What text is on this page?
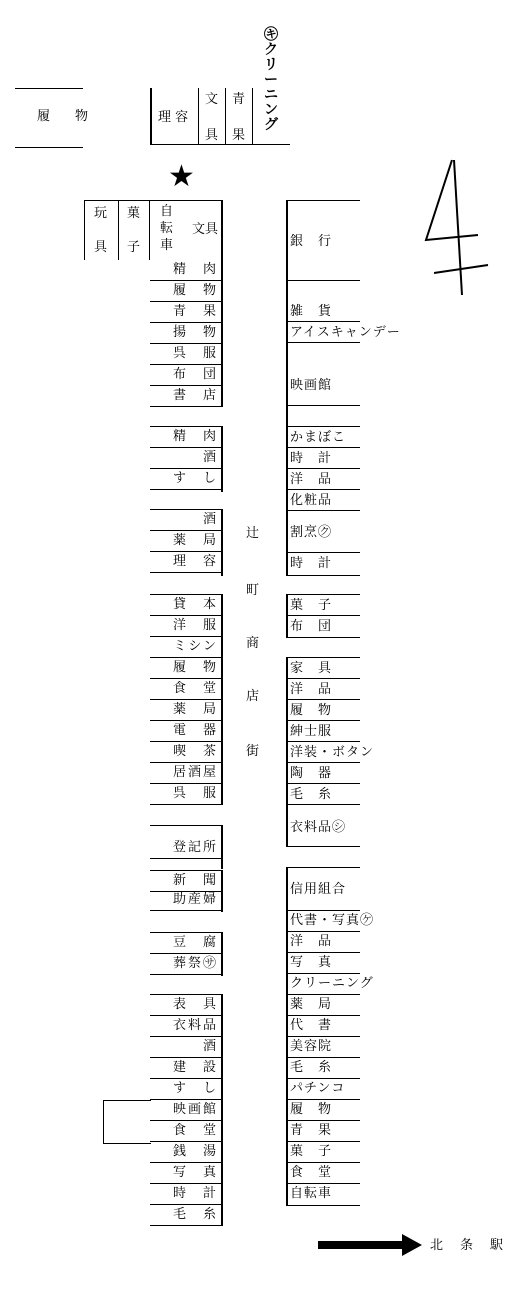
履　物	理 容
文
具
青
果
㋖クリーニング
★
玩
具
菓
子
自転車
文具
精　肉
履　物
青　果
揚　物
呉　服
布　団
書　店
精　肉
酒
す　し
酒
薬　局
理　容
貸　本
洋　服
ミシン
履　物
食　堂
薬　局
電　器
喫　茶
居酒屋
呉　服
登記所
新　聞
助産婦
豆　腐
葬祭㋚
表　具
衣料品
酒
建　設
す　し
映画館
食　堂
銭　湯
写　真
時　計
毛　糸
銀　行
雑　貨
アイスキャンデー
映画館
かまぼこ
時　計
洋　品
化粧品
割烹㋗
時　計
菓　子
布　団
家　具
洋　品
履　物
紳士服
洋装・ボタン
陶　器
毛　糸
衣料品㋛
信用組合
代書・写真㋘
洋　品
写　真
クリーニング
薬　局
代　書
美容院
毛　糸
パチンコ
履　物
青　果
菓　子
食　堂
自転車
辻
町
商
店
街
北　条　駅
